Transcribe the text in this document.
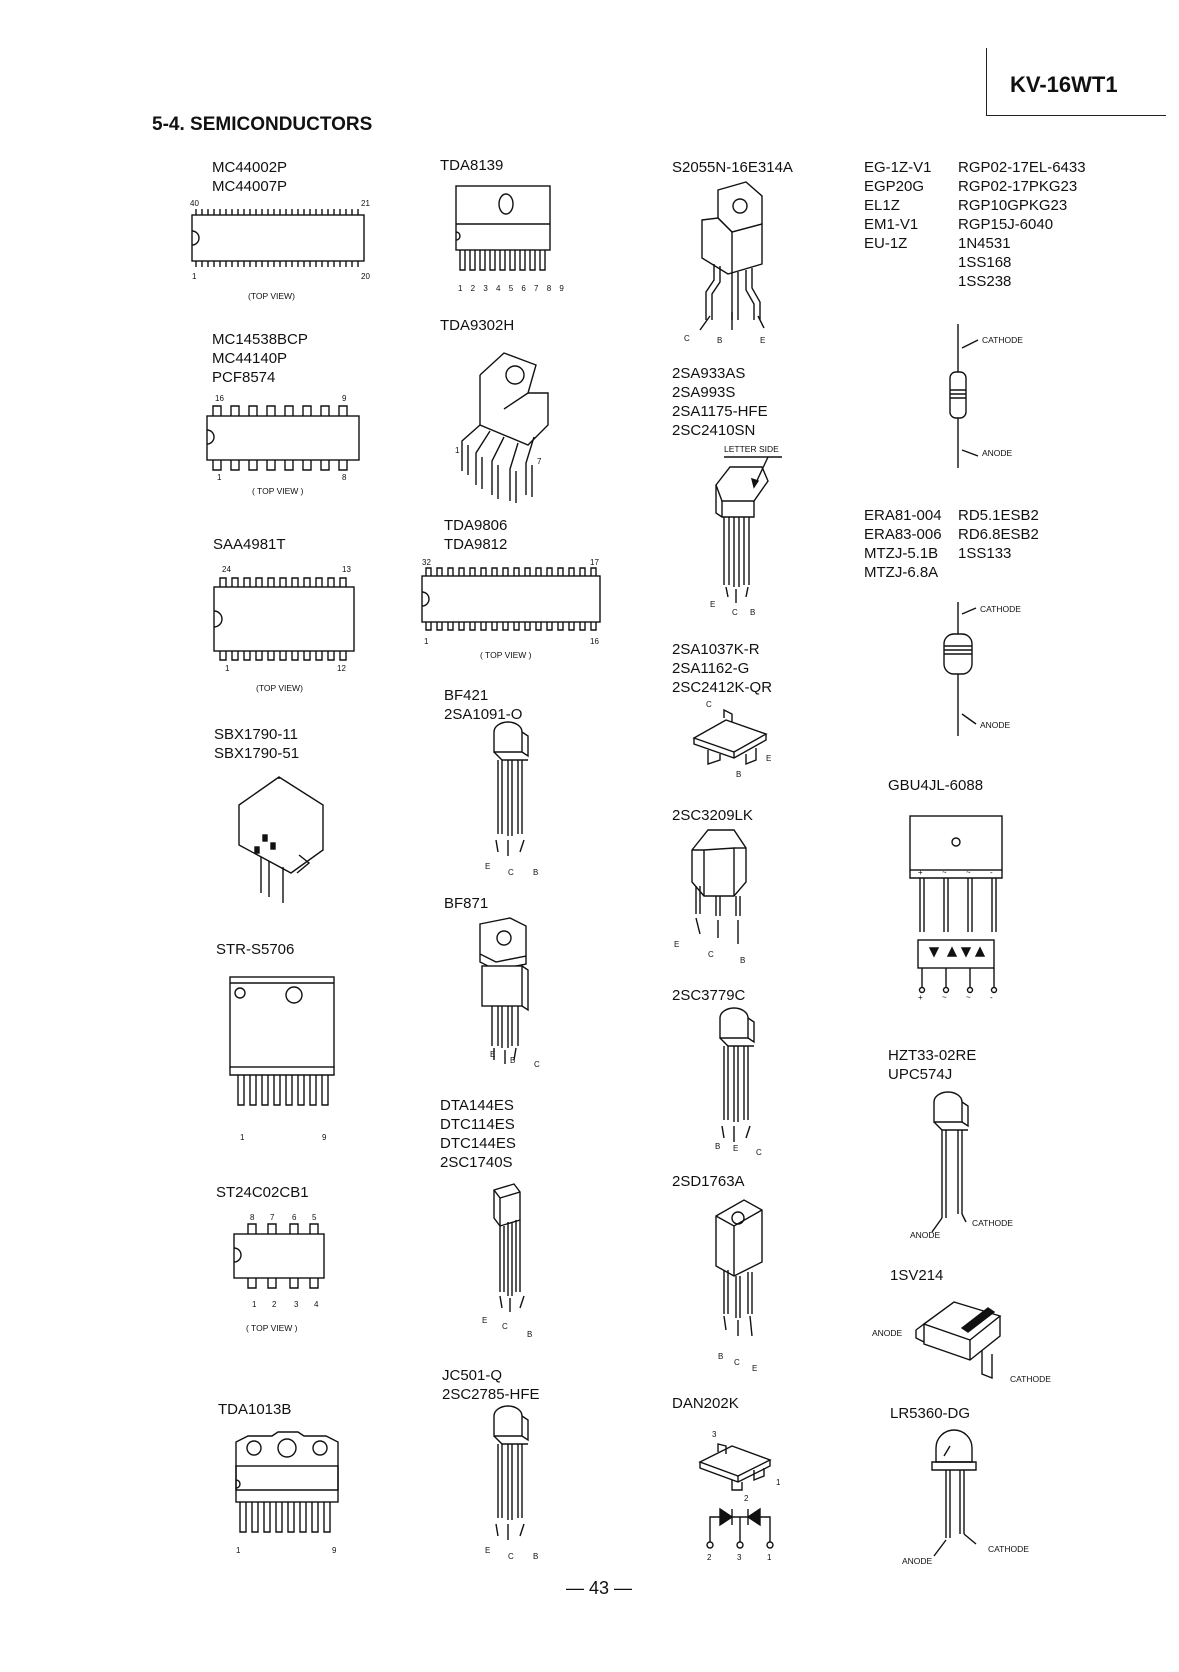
KV-16WT1
5-4. SEMICONDUCTORS
MC44002P
MC44007P
40	21
1	20
(TOP VIEW)
MC14538BCP
MC44140P
PCF8574
16	9
1	8
( TOP VIEW )
SAA4981T
24	13
1	12
(TOP VIEW)
SBX1790-11
SBX1790-51
STR-S5706
1	9
ST24C02CB1
8 7 6 5
1 2 3 4
( TOP VIEW )
TDA1013B
1	9
TDA8139
1 2 3 4 5 6 7 8 9
TDA9302H
1
7
TDA9806
TDA9812
32	17
1	16
( TOP VIEW )
BF421
2SA1091-O
E
C B
BF871
E
B C
DTA144ES
DTC114ES
DTC144ES
2SC1740S
E
C
B
JC501-Q
2SC2785-HFE
E
C B
S2055N-16E314A
C	B	E
2SA933AS
2SA993S
2SA1175-HFE
2SC2410SN
LETTER SIDE
E
C B
2SA1037K-R
2SA1162-G
2SC2412K-QR
C
E
B
2SC3209LK
E
C
B
2SC3779C
B E C
2SD1763A
B
C
E
DAN202K
3
1
2
2	3	1
EG-1Z-V1
EGP20G
EL1Z
EM1-V1
EU-1Z
RGP02-17EL-6433
RGP02-17PKG23
RGP10GPKG23
RGP15J-6040
1N4531
1SS168
1SS238
CATHODE
ANODE
ERA81-004
ERA83-006
MTZJ-5.1B
MTZJ-6.8A
RD5.1ESB2
RD6.8ESB2
1SS133
CATHODE
ANODE
GBU4JL-6088
+ ~ ~ -
+ ~ ~ -
HZT33-02RE
UPC574J
ANODE
CATHODE
1SV214
ANODE
CATHODE
LR5360-DG
ANODE
CATHODE
— 43 —
